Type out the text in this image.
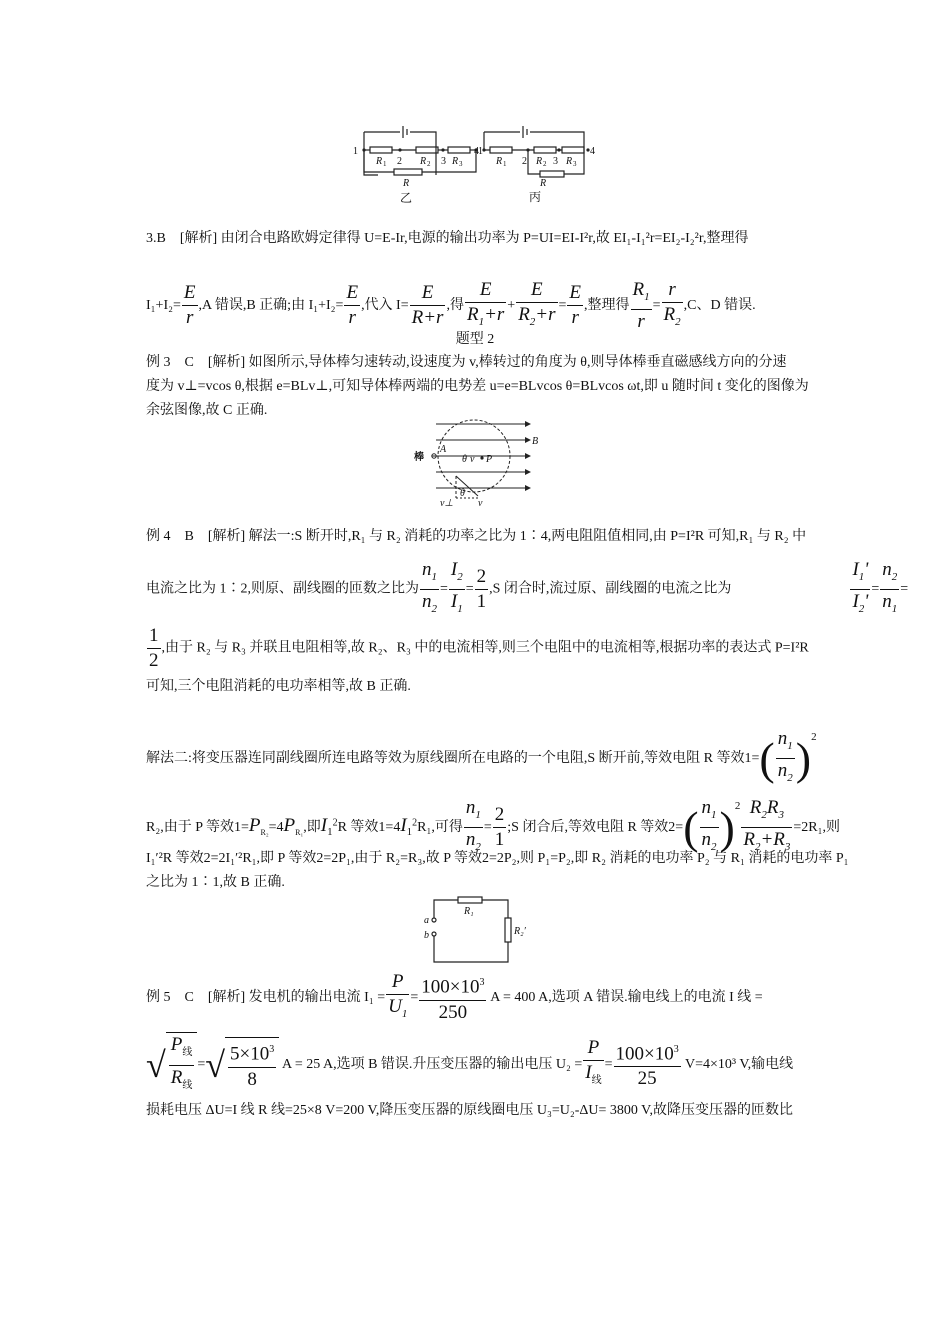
1
2	3
4
R 1	R 2 R 3
R
乙
1
2	3
4
R 1	R 2 R 3
R
丙
3.B　[解析] 由闭合电路欧姆定律得 U=E-Ir,电源的输出功率为 P=UI=EI-I²r,故 EI₁-I₁²r=EI₂-I₂²r,整理得
$I_1+I_2= \frac{E}{r} ,A$ 错误,B 正确;由 $I_1+I_2= \frac{E}{r}$ ,代入 $I= \frac{E}{R+r}$ ,得 $\frac{E}{R_1+r} + \frac{E}{R_2+r} = \frac{E}{r}$ ,整理得 $\frac{R_1}{r} = \frac{r}{R_2} ,C$、D 错误.
题型 2
例 3　C　[解析] 如图所示,导体棒匀速转动,设速度为 v,棒转过的角度为 θ,则导体棒垂直磁感线方向的分速
度为 v⊥=vcos θ,根据 e=BLv⊥,可知导体棒两端的电势差 u=e=BLvcos θ=BLvcos ωt,即 u 随时间 t 变化的图像为
余弦图像,故 C 正确.
棒
A
B
P
θ v
v⊥
θ
v
例 4　B　[解析] 解法一:S 断开时,R₁ 与 R₂ 消耗的功率之比为 1∶4,两电阻阻值相同,由 P=I²R 可知,R₁ 与 R₂ 中
电流之比为 1∶2,则原、副线圈的匝数之比为 $\frac{n_1}{n_2} = \frac{I_2}{I_1} = \frac{2}{1} ,S$ 闭合时,流过原、副线圈的电流之比为	$\frac{I_1'}{I_2'} = \frac{n_2}{n_1}$ =
$\frac{1}{2}$ ,由于 R₂ 与 R₃ 并联且电阻相等,故 R₂、R₃ 中的电流相等,则三个电阻中的电流相等,根据功率的表达式 P=I²R
可知,三个电阻消耗的电功率相等,故 B 正确.
解法二:将变压器连同副线圈所连电路等效为原线圈所在电路的一个电阻,S 断开前,等效电阻 R 等效$1=( \frac{n_1}{n_2} )^2$
R₂,由于 P 等效$1=P_{R_2}=4P_{R_1}$,即$I_1^2R$ 等效$1=4I_1^2R_1$,可得 $\frac{n_1}{n_2} = \frac{2}{1}$ ;S 闭合后,等效电阻 R 等效$2=( \frac{n_1}{n_2} )^2 \frac{R_2R_3}{R_2+R_3} =2R_1$,则
I₁′²R 等效2=2I₁′²R₁,即 P 等效2=2P₁,由于 R₂=R₃,故 P 等效2=2P₂,则 P₁=P₂,即 R₂ 消耗的电功率 P₂ 与 R₁ 消耗的电功率 P₁
之比为 1∶1,故 B 正确.
a
b
R₁
R₂′
例 5　C　[解析] 发电机的输出电流 $I_1 = \frac{P}{U_1} = \frac{100\times 10^3}{250}$ A = 400 A,选项 A 错误.输电线上的电流 I 线 =
√ $\frac{P_线}{R_线}$ =√ $\frac{5\times 10^3}{8}$ A = 25 A,选项 B 错误.升压变压器的输出电压 $U_2 = \frac{P}{I_线} = \frac{100\times 10^3}{25} V=4\times 10^3$ V,输电线
损耗电压 ΔU=I 线 R 线=25×8 V=200 V,降压变压器的原线圈电压 U₃=U₂-ΔU= 3800 V,故降压变压器的匝数比
